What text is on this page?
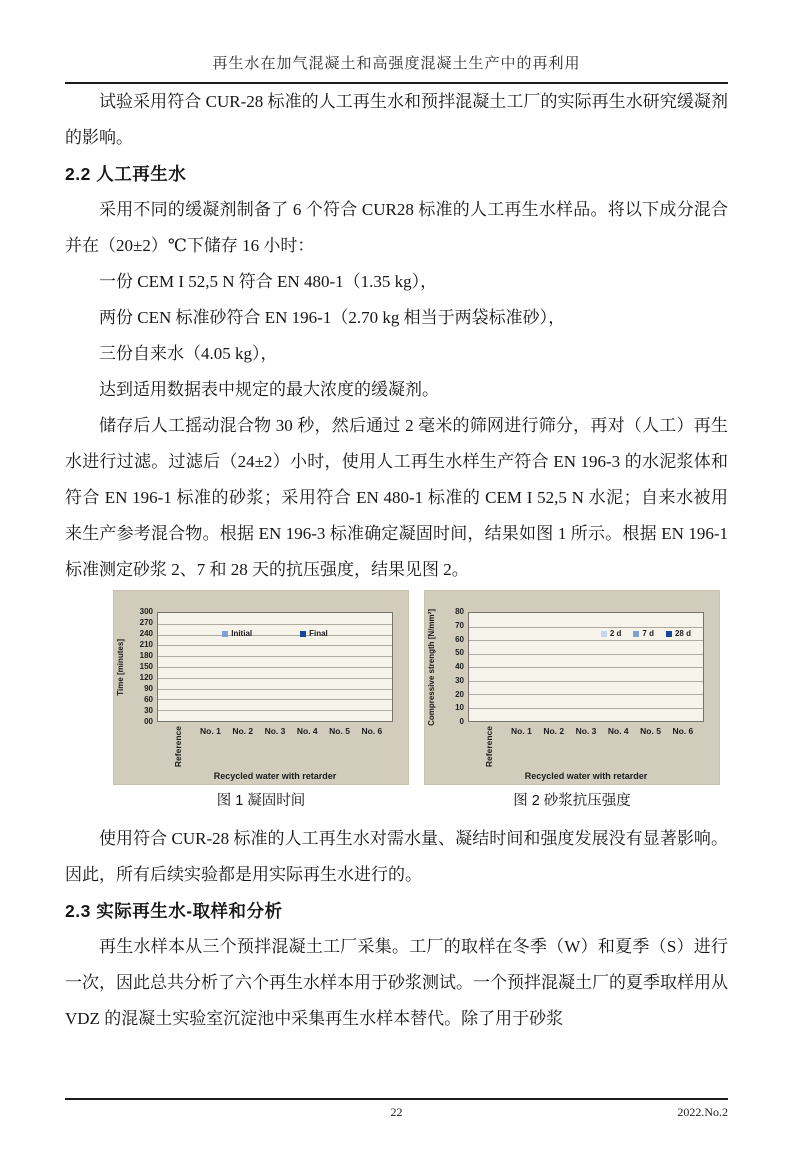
再生水在加气混凝土和高强度混凝土生产中的再利用

试验采用符合 CUR-28 标准的人工再生水和预拌混凝土工厂的实际再生水研究缓凝剂的影响。

2.2 人工再生水

采用不同的缓凝剂制备了 6 个符合 CUR28 标准的人工再生水样品。将以下成分混合并在（20±2）℃下储存 16 小时：

一份 CEM I 52,5 N 符合 EN 480-1（1.35 kg），

两份 CEN 标准砂符合 EN 196-1（2.70 kg 相当于两袋标准砂），

三份自来水（4.05 kg），

达到适用数据表中规定的最大浓度的缓凝剂。

储存后人工摇动混合物 30 秒，然后通过 2 毫米的筛网进行筛分，再对（人工）再生水进行过滤。过滤后（24±2）小时，使用人工再生水样生产符合 EN 196-3 的水泥浆体和符合 EN 196-1 标准的砂浆；采用符合 EN 480-1 标准的 CEM I 52,5 N 水泥；自来水被用来生产参考混合物。根据 EN 196-3 标准确定凝固时间，结果如图 1 所示。根据 EN 196-1 标准测定砂浆 2、7 和 28 天的抗压强度，结果见图 2。

Time [minutes]
300
270
240
210
180
150
120
90
60
30
00
Initial	Final
Reference No. 1 No. 2 No. 3 No. 4 No. 5 No. 6
Recycled water with retarder
Compressive strength [N/mm²]	80
70
60
50
40
30
20
10
0
2 d	7 d	28 d
Reference No. 1 No. 2 No. 3 No. 4 No. 5 No. 6
Recycled water with retarder
图 1 凝固时间	图 2 砂浆抗压强度

使用符合 CUR-28 标准的人工再生水对需水量、凝结时间和强度发展没有显著影响。因此，所有后续实验都是用实际再生水进行的。

2.3 实际再生水-取样和分析

再生水样本从三个预拌混凝土工厂采集。工厂的取样在冬季（W）和夏季（S）进行一次，因此总共分析了六个再生水样本用于砂浆测试。一个预拌混凝土厂的夏季取样用从 VDZ 的混凝土实验室沉淀池中采集再生水样本替代。除了用于砂浆

22	2022.No.2
